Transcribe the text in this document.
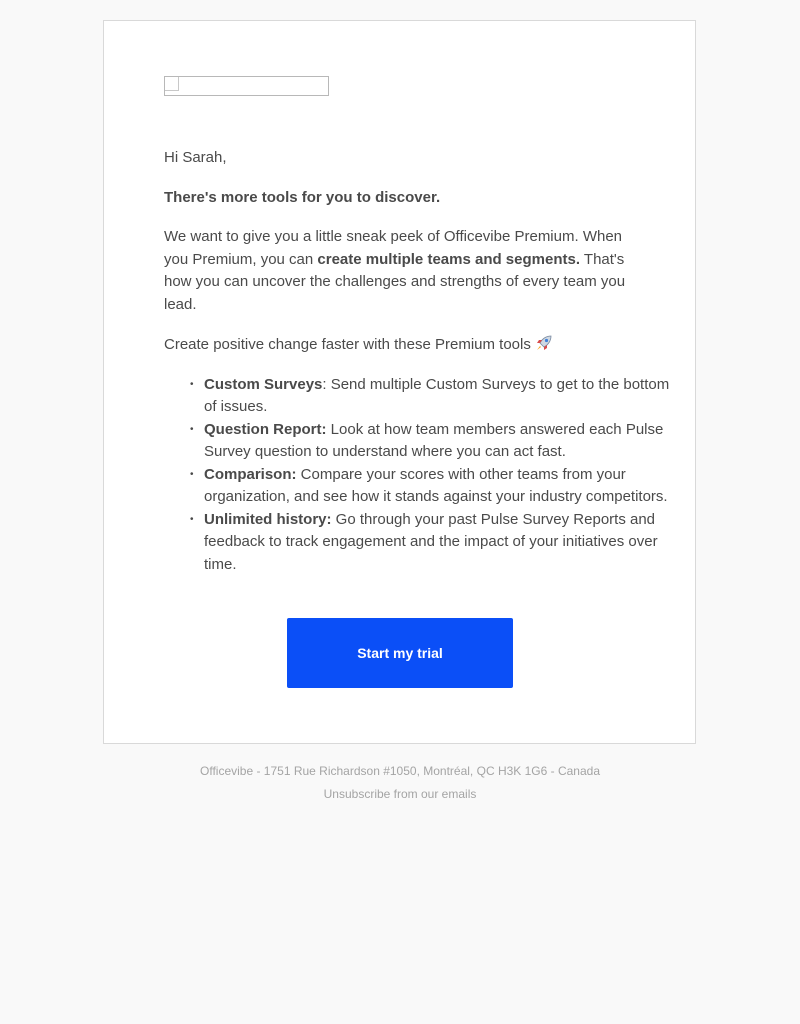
Hi Sarah,
There's more tools for you to discover.

We want to give you a little sneak peek of Officevibe Premium. When you Premium, you can create multiple teams and segments. That's how you can uncover the challenges and strengths of every team you lead.

Create positive change faster with these Premium tools
• Custom Surveys: Send multiple Custom Surveys to get to the bottom of issues.
• Question Report: Look at how team members answered each Pulse Survey question to understand where you can act fast.
• Comparison: Compare your scores with other teams from your organization, and see how it stands against your industry competitors.
• Unlimited history: Go through your past Pulse Survey Reports and feedback to track engagement and the impact of your initiatives over time.
Start my trial
Officevibe - 1751 Rue Richardson #1050, Montréal, QC H3K 1G6 - Canada
Unsubscribe from our emails
